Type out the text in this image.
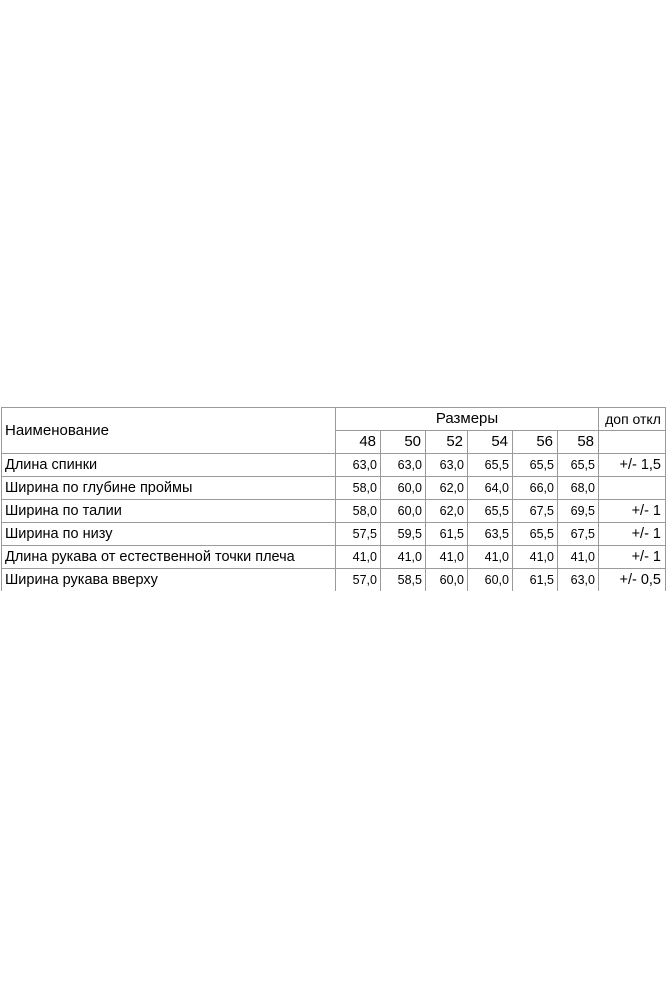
Наименование	Размеры						доп откл
	48	50	52	54	56	58	
Длина спинки	63,0	63,0	63,0	65,5	65,5	65,5	+/- 1,5
Ширина по глубине проймы	58,0	60,0	62,0	64,0	66,0	68,0	
Ширина по талии	58,0	60,0	62,0	65,5	67,5	69,5	+/- 1
Ширина по низу	57,5	59,5	61,5	63,5	65,5	67,5	+/- 1
Длина рукава от естественной точки плеча	41,0	41,0	41,0	41,0	41,0	41,0	+/- 1
Ширина рукава вверху	57,0	58,5	60,0	60,0	61,5	63,0	+/- 0,5
